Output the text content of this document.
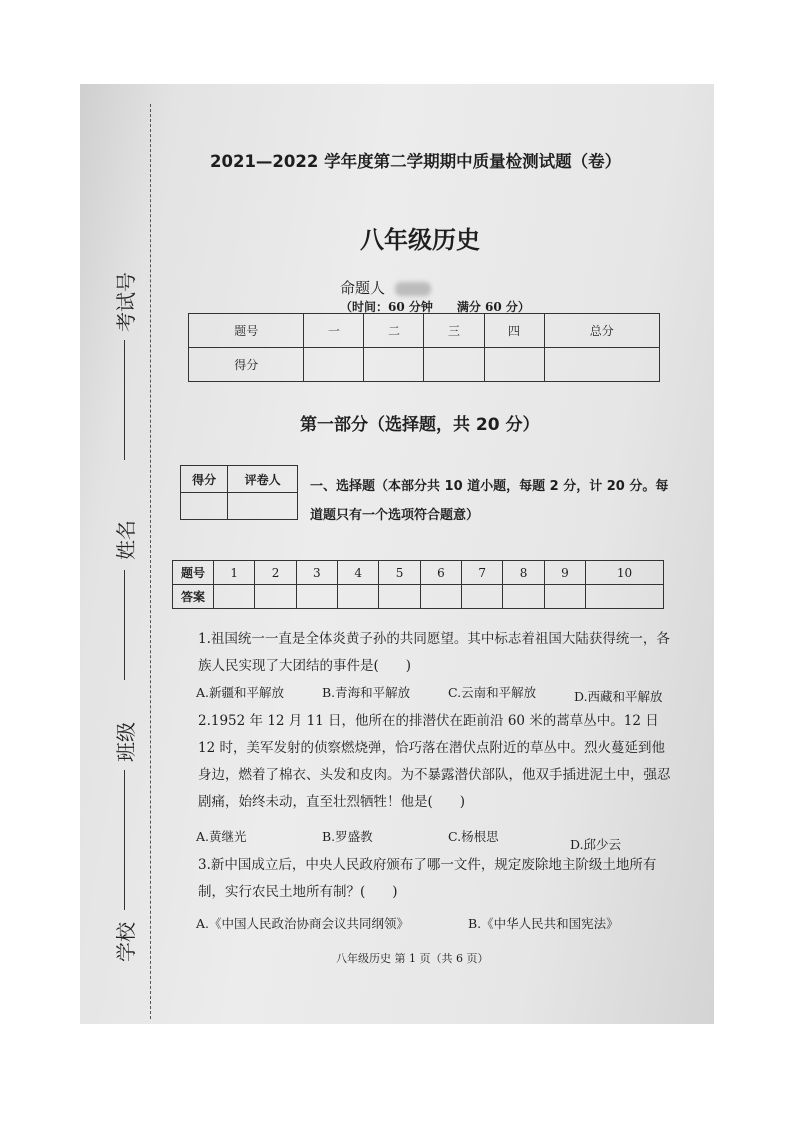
考试号
姓名
班级
学校
2021—2022 学年度第二学期期中质量检测试题（卷）
八年级历史
命题人
（时间：60 分钟　　满分 60 分）
题号	一	二	三	四	总分
得分					
第一部分（选择题，共 20 分）
得分	评卷人
	一、选择题（本部分共 10 道小题，每题 2 分，计 20 分。每道题只有一个选项符合题意）
题号	1	2	3	4	5	6	7	8	9	10
答案										
1.祖国统一一直是全体炎黄子孙的共同愿望。其中标志着祖国大陆获得统一，各族人民实现了大团结的事件是(　　)
A.新疆和平解放	B.青海和平解放	C.云南和平解放	D.西藏和平解放
2.1952 年 12 月 11 日，他所在的排潜伏在距前沿 60 米的蒿草丛中。12 日 12 时，美军发射的侦察燃烧弹，恰巧落在潜伏点附近的草丛中。烈火蔓延到他身边，燃着了棉衣、头发和皮肉。为不暴露潜伏部队，他双手插进泥土中，强忍剧痛，始终未动，直至壮烈牺牲！他是(　　)
A.黄继光	B.罗盛教	C.杨根思
D.邱少云
3.新中国成立后，中央人民政府颁布了哪一文件，规定废除地主阶级土地所有制，实行农民土地所有制？(　　)
A.《中国人民政治协商会议共同纲领》	B.《中华人民共和国宪法》
八年级历史 第 1 页（共 6 页）
